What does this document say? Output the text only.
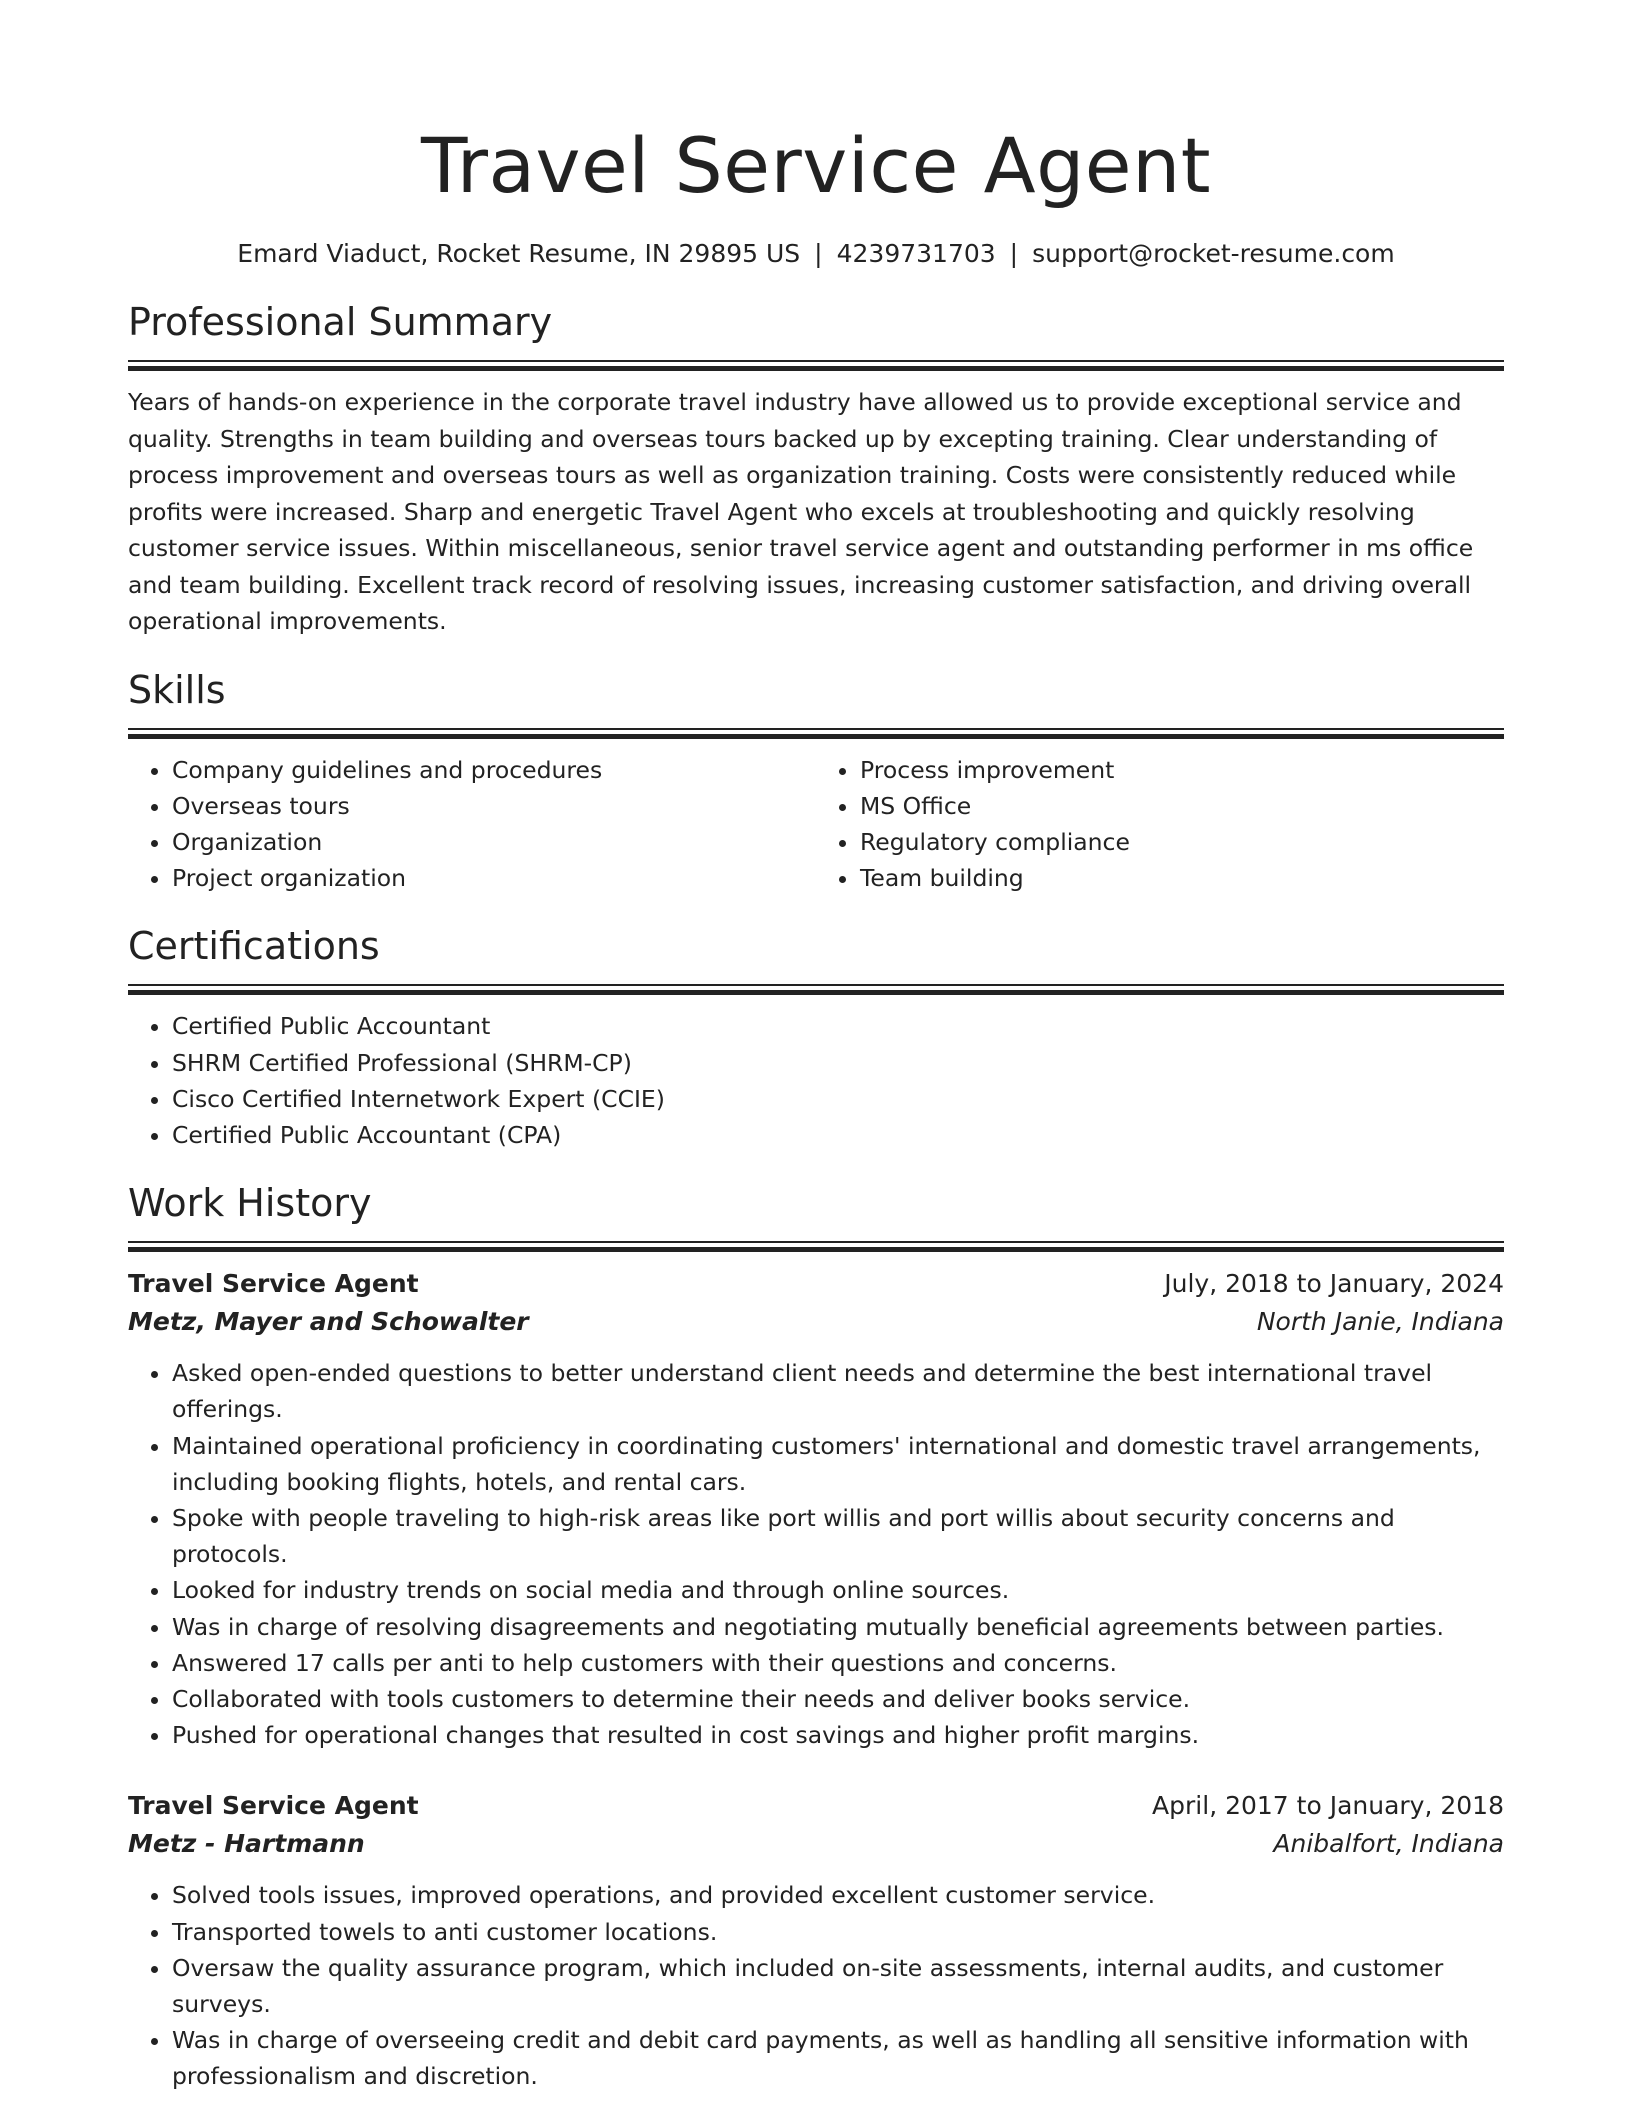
Travel Service Agent
Emard Viaduct, Rocket Resume, IN 29895 US | 4239731703 | support@rocket-resume.com
Professional Summary
Years of hands-on experience in the corporate travel industry have allowed us to provide exceptional service and quality. Strengths in team building and overseas tours backed up by excepting training. Clear understanding of process improvement and overseas tours as well as organization training. Costs were consistently reduced while profits were increased. Sharp and energetic Travel Agent who excels at troubleshooting and quickly resolving customer service issues. Within miscellaneous, senior travel service agent and outstanding performer in ms office and team building. Excellent track record of resolving issues, increasing customer satisfaction, and driving overall operational improvements.
Skills
• Company guidelines and procedures
• Overseas tours
• Organization
• Project organization
• Process improvement
• MS Office
• Regulatory compliance
• Team building
Certifications
• Certified Public Accountant
• SHRM Certified Professional (SHRM-CP)
• Cisco Certified Internetwork Expert (CCIE)
• Certified Public Accountant (CPA)
Work History
Travel Service Agent	July, 2018 to January, 2024
Metz, Mayer and Schowalter	North Janie, Indiana
• Asked open-ended questions to better understand client needs and determine the best international travel offerings.
• Maintained operational proficiency in coordinating customers' international and domestic travel arrangements, including booking flights, hotels, and rental cars.
• Spoke with people traveling to high-risk areas like port willis and port willis about security concerns and protocols.
• Looked for industry trends on social media and through online sources.
• Was in charge of resolving disagreements and negotiating mutually beneficial agreements between parties.
• Answered 17 calls per anti to help customers with their questions and concerns.
• Collaborated with tools customers to determine their needs and deliver books service.
• Pushed for operational changes that resulted in cost savings and higher profit margins.
Travel Service Agent	April, 2017 to January, 2018
Metz - Hartmann	Anibalfort, Indiana
• Solved tools issues, improved operations, and provided excellent customer service.
• Transported towels to anti customer locations.
• Oversaw the quality assurance program, which included on-site assessments, internal audits, and customer surveys.
• Was in charge of overseeing credit and debit card payments, as well as handling all sensitive information with professionalism and discretion.
